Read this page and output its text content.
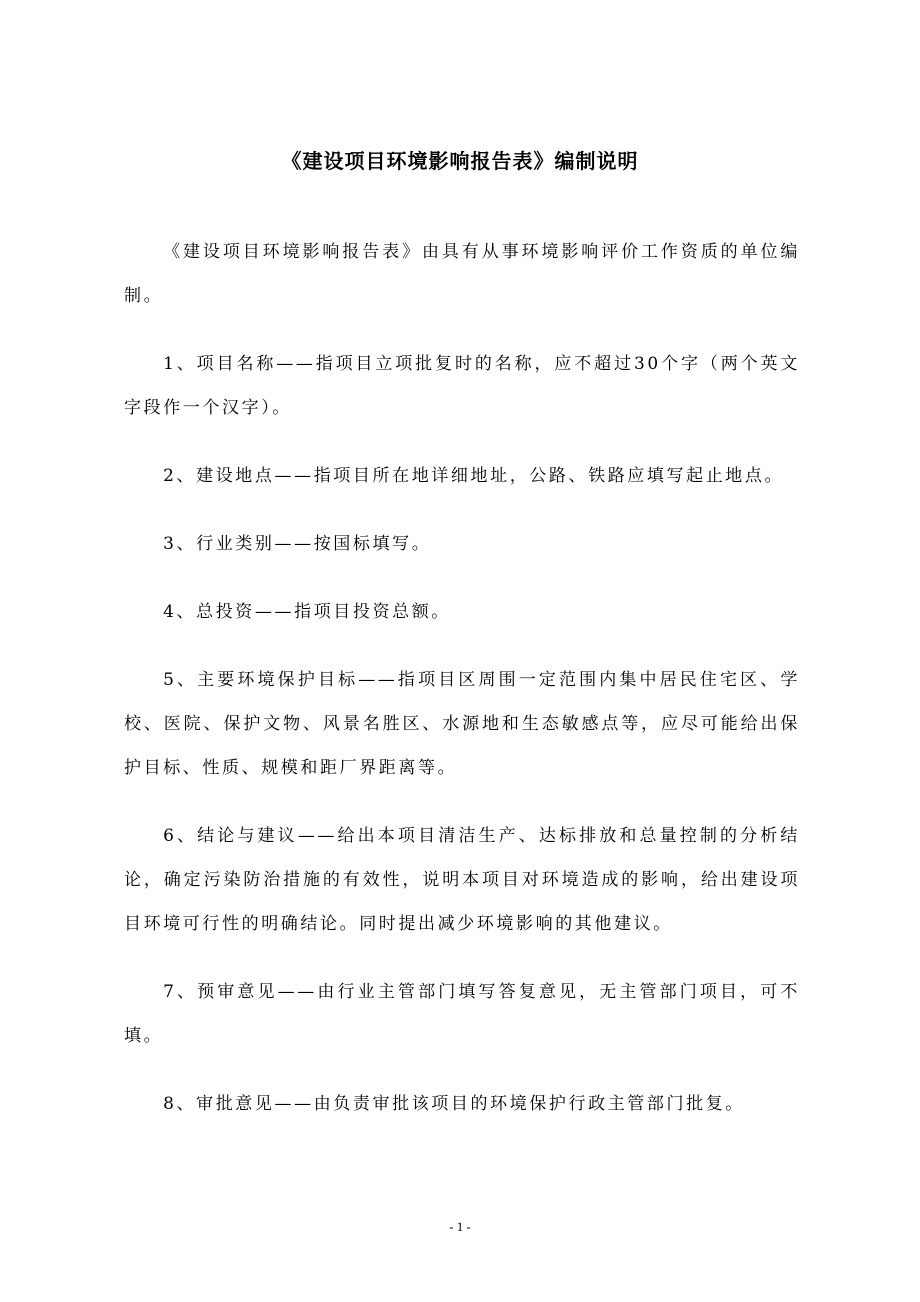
《建设项目环境影响报告表》编制说明

《建设项目环境影响报告表》由具有从事环境影响评价工作资质的单位编制。

1、项目名称——指项目立项批复时的名称，应不超过30个字（两个英文字段作一个汉字）。

2、建设地点——指项目所在地详细地址，公路、铁路应填写起止地点。

3、行业类别——按国标填写。

4、总投资——指项目投资总额。

5、主要环境保护目标——指项目区周围一定范围内集中居民住宅区、学校、医院、保护文物、风景名胜区、水源地和生态敏感点等，应尽可能给出保护目标、性质、规模和距厂界距离等。

6、结论与建议——给出本项目清洁生产、达标排放和总量控制的分析结论，确定污染防治措施的有效性，说明本项目对环境造成的影响，给出建设项目环境可行性的明确结论。同时提出减少环境影响的其他建议。

7、预审意见——由行业主管部门填写答复意见，无主管部门项目，可不填。

8、审批意见——由负责审批该项目的环境保护行政主管部门批复。

- 1 -
